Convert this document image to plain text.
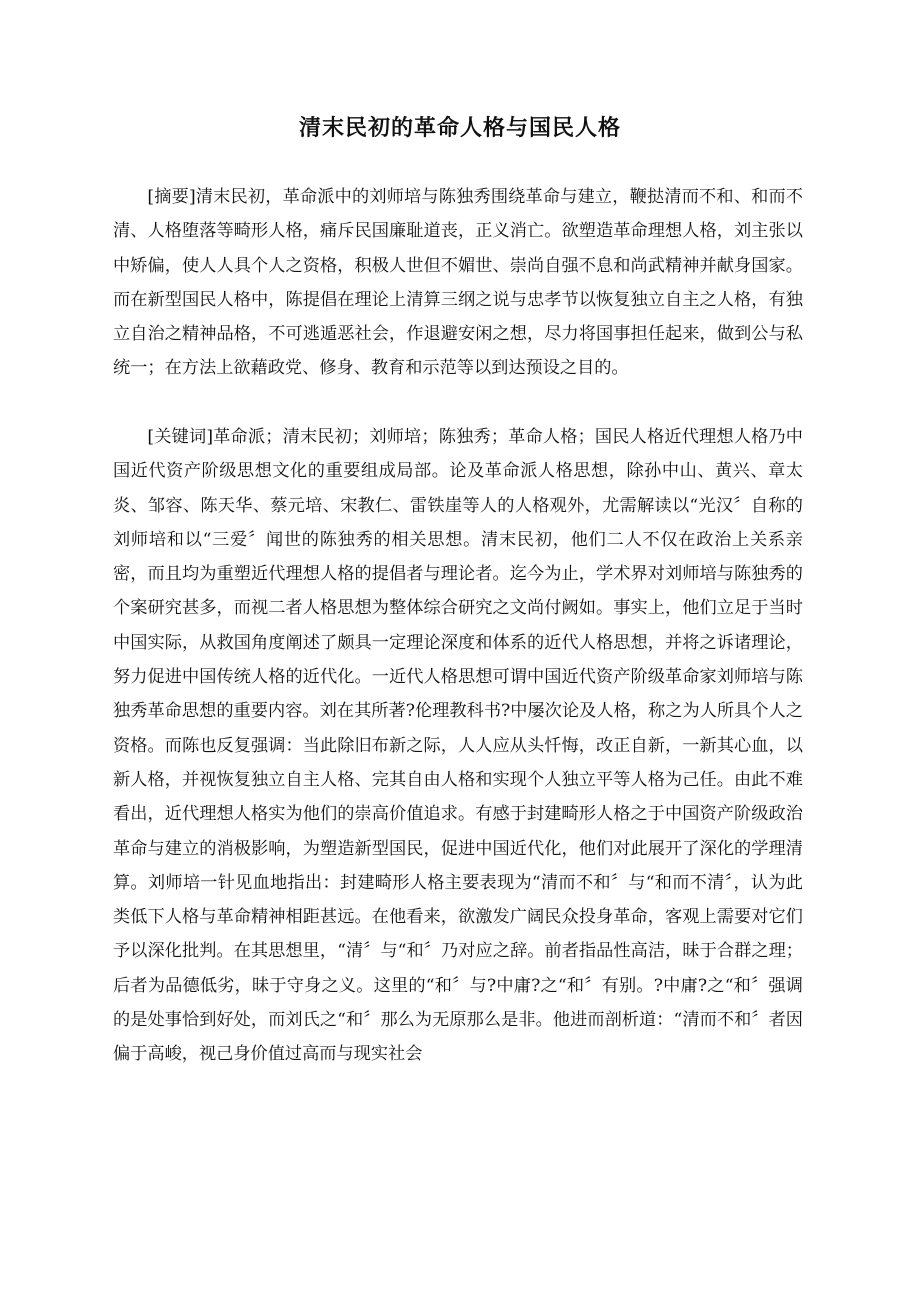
清末民初的革命人格与国民人格

[摘要]清末民初，革命派中的刘师培与陈独秀围绕革命与建立，鞭挞清而不和、和而不清、人格堕落等畸形人格，痛斥民国廉耻道丧，正义消亡。欲塑造革命理想人格，刘主张以中矫偏，使人人具个人之资格，积极人世但不媚世、崇尚自强不息和尚武精神并献身国家。而在新型国民人格中，陈提倡在理论上清算三纲之说与忠孝节以恢复独立自主之人格，有独立自治之精神品格，不可逃遁恶社会，作退避安闲之想，尽力将国事担任起来，做到公与私统一；在方法上欲藉政党、修身、教育和示范等以到达预设之目的。

[关键词]革命派；清末民初；刘师培；陈独秀；革命人格；国民人格近代理想人格乃中国近代资产阶级思想文化的重要组成局部。论及革命派人格思想，除孙中山、黄兴、章太炎、邹容、陈天华、蔡元培、宋教仁、雷铁崖等人的人格观外，尤需解读以“光汉〞自称的刘师培和以“三爱〞闻世的陈独秀的相关思想。清末民初，他们二人不仅在政治上关系亲密，而且均为重塑近代理想人格的提倡者与理论者。迄今为止，学术界对刘师培与陈独秀的个案研究甚多，而视二者人格思想为整体综合研究之文尚付阙如。事实上，他们立足于当时中国实际，从救国角度阐述了颇具一定理论深度和体系的近代人格思想，并将之诉诸理论，努力促进中国传统人格的近代化。一近代人格思想可谓中国近代资产阶级革命家刘师培与陈独秀革命思想的重要内容。刘在其所著?伦理教科书?中屡次论及人格，称之为人所具个人之资格。而陈也反复强调：当此除旧布新之际，人人应从头忏悔，改正自新，一新其心血，以新人格，并视恢复独立自主人格、完其自由人格和实现个人独立平等人格为己任。由此不难看出，近代理想人格实为他们的崇高价值追求。有感于封建畸形人格之于中国资产阶级政治革命与建立的消极影响，为塑造新型国民，促进中国近代化，他们对此展开了深化的学理清算。刘师培一针见血地指出：封建畸形人格主要表现为“清而不和〞与“和而不清〞，认为此类低下人格与革命精神相距甚远。在他看来，欲激发广阔民众投身革命，客观上需要对它们予以深化批判。在其思想里，“清〞与“和〞乃对应之辞。前者指品性高洁，昧于合群之理；后者为品德低劣，昧于守身之义。这里的“和〞与?中庸?之“和〞有别。?中庸?之“和〞强调的是处事恰到好处，而刘氏之“和〞那么为无原那么是非。他进而剖析道：“清而不和〞者因偏于高峻，视己身价值过高而与现实社会
